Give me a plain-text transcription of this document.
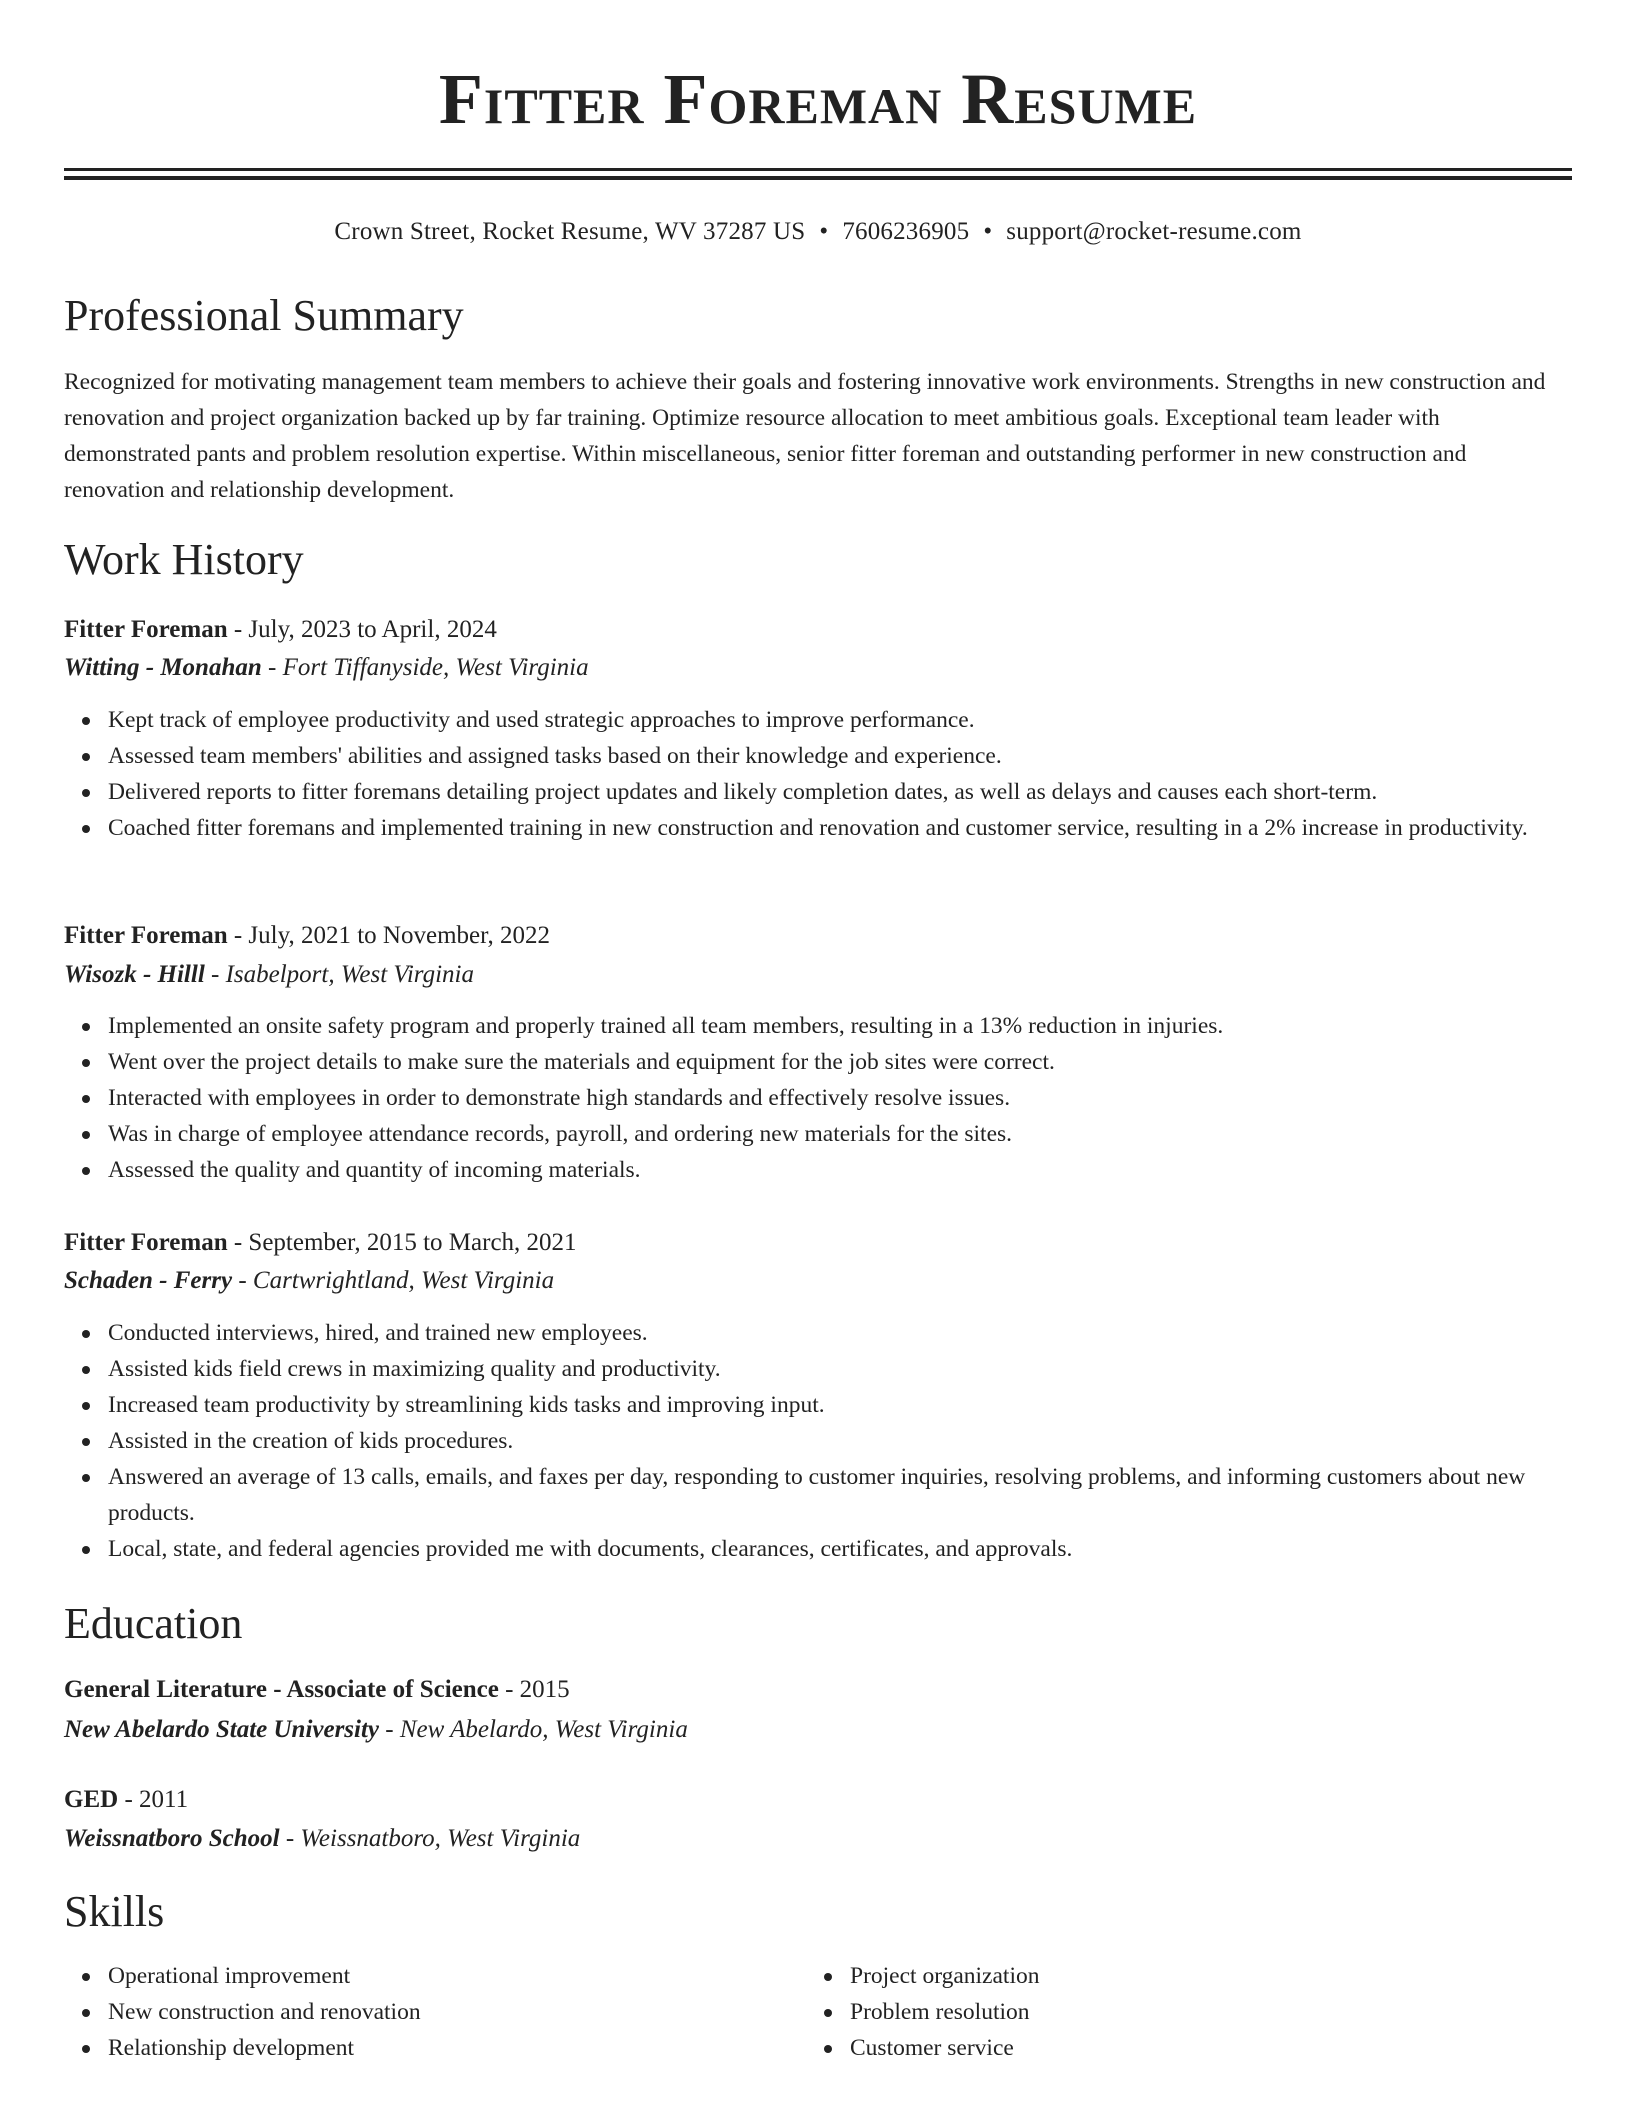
Fitter Foreman Resume
Crown Street, Rocket Resume, WV 37287 US • 7606236905 • support@rocket-resume.com
Professional Summary

Recognized for motivating management team members to achieve their goals and fostering innovative work environments. Strengths in new construction and renovation and project organization backed up by far training. Optimize resource allocation to meet ambitious goals. Exceptional team leader with demonstrated pants and problem resolution expertise. Within miscellaneous, senior fitter foreman and outstanding performer in new construction and renovation and relationship development.

Work History
Fitter Foreman - July, 2023 to April, 2024
Witting - Monahan - Fort Tiffanyside, West Virginia
Kept track of employee productivity and used strategic approaches to improve performance.
Assessed team members' abilities and assigned tasks based on their knowledge and experience.
Delivered reports to fitter foremans detailing project updates and likely completion dates, as well as delays and causes each short-term.
Coached fitter foremans and implemented training in new construction and renovation and customer service, resulting in a 2% increase in productivity.
Fitter Foreman - July, 2021 to November, 2022
Wisozk - Hilll - Isabelport, West Virginia
Implemented an onsite safety program and properly trained all team members, resulting in a 13% reduction in injuries.
Went over the project details to make sure the materials and equipment for the job sites were correct.
Interacted with employees in order to demonstrate high standards and effectively resolve issues.
Was in charge of employee attendance records, payroll, and ordering new materials for the sites.
Assessed the quality and quantity of incoming materials.
Fitter Foreman - September, 2015 to March, 2021
Schaden - Ferry - Cartwrightland, West Virginia
Conducted interviews, hired, and trained new employees.
Assisted kids field crews in maximizing quality and productivity.
Increased team productivity by streamlining kids tasks and improving input.
Assisted in the creation of kids procedures.
Answered an average of 13 calls, emails, and faxes per day, responding to customer inquiries, resolving problems, and informing customers about new products.
Local, state, and federal agencies provided me with documents, clearances, certificates, and approvals.
Education
General Literature - Associate of Science - 2015
New Abelardo State University - New Abelardo, West Virginia
GED - 2011
Weissnatboro School - Weissnatboro, West Virginia
Skills
Operational improvement
New construction and renovation
Relationship development
Project organization
Problem resolution
Customer service
